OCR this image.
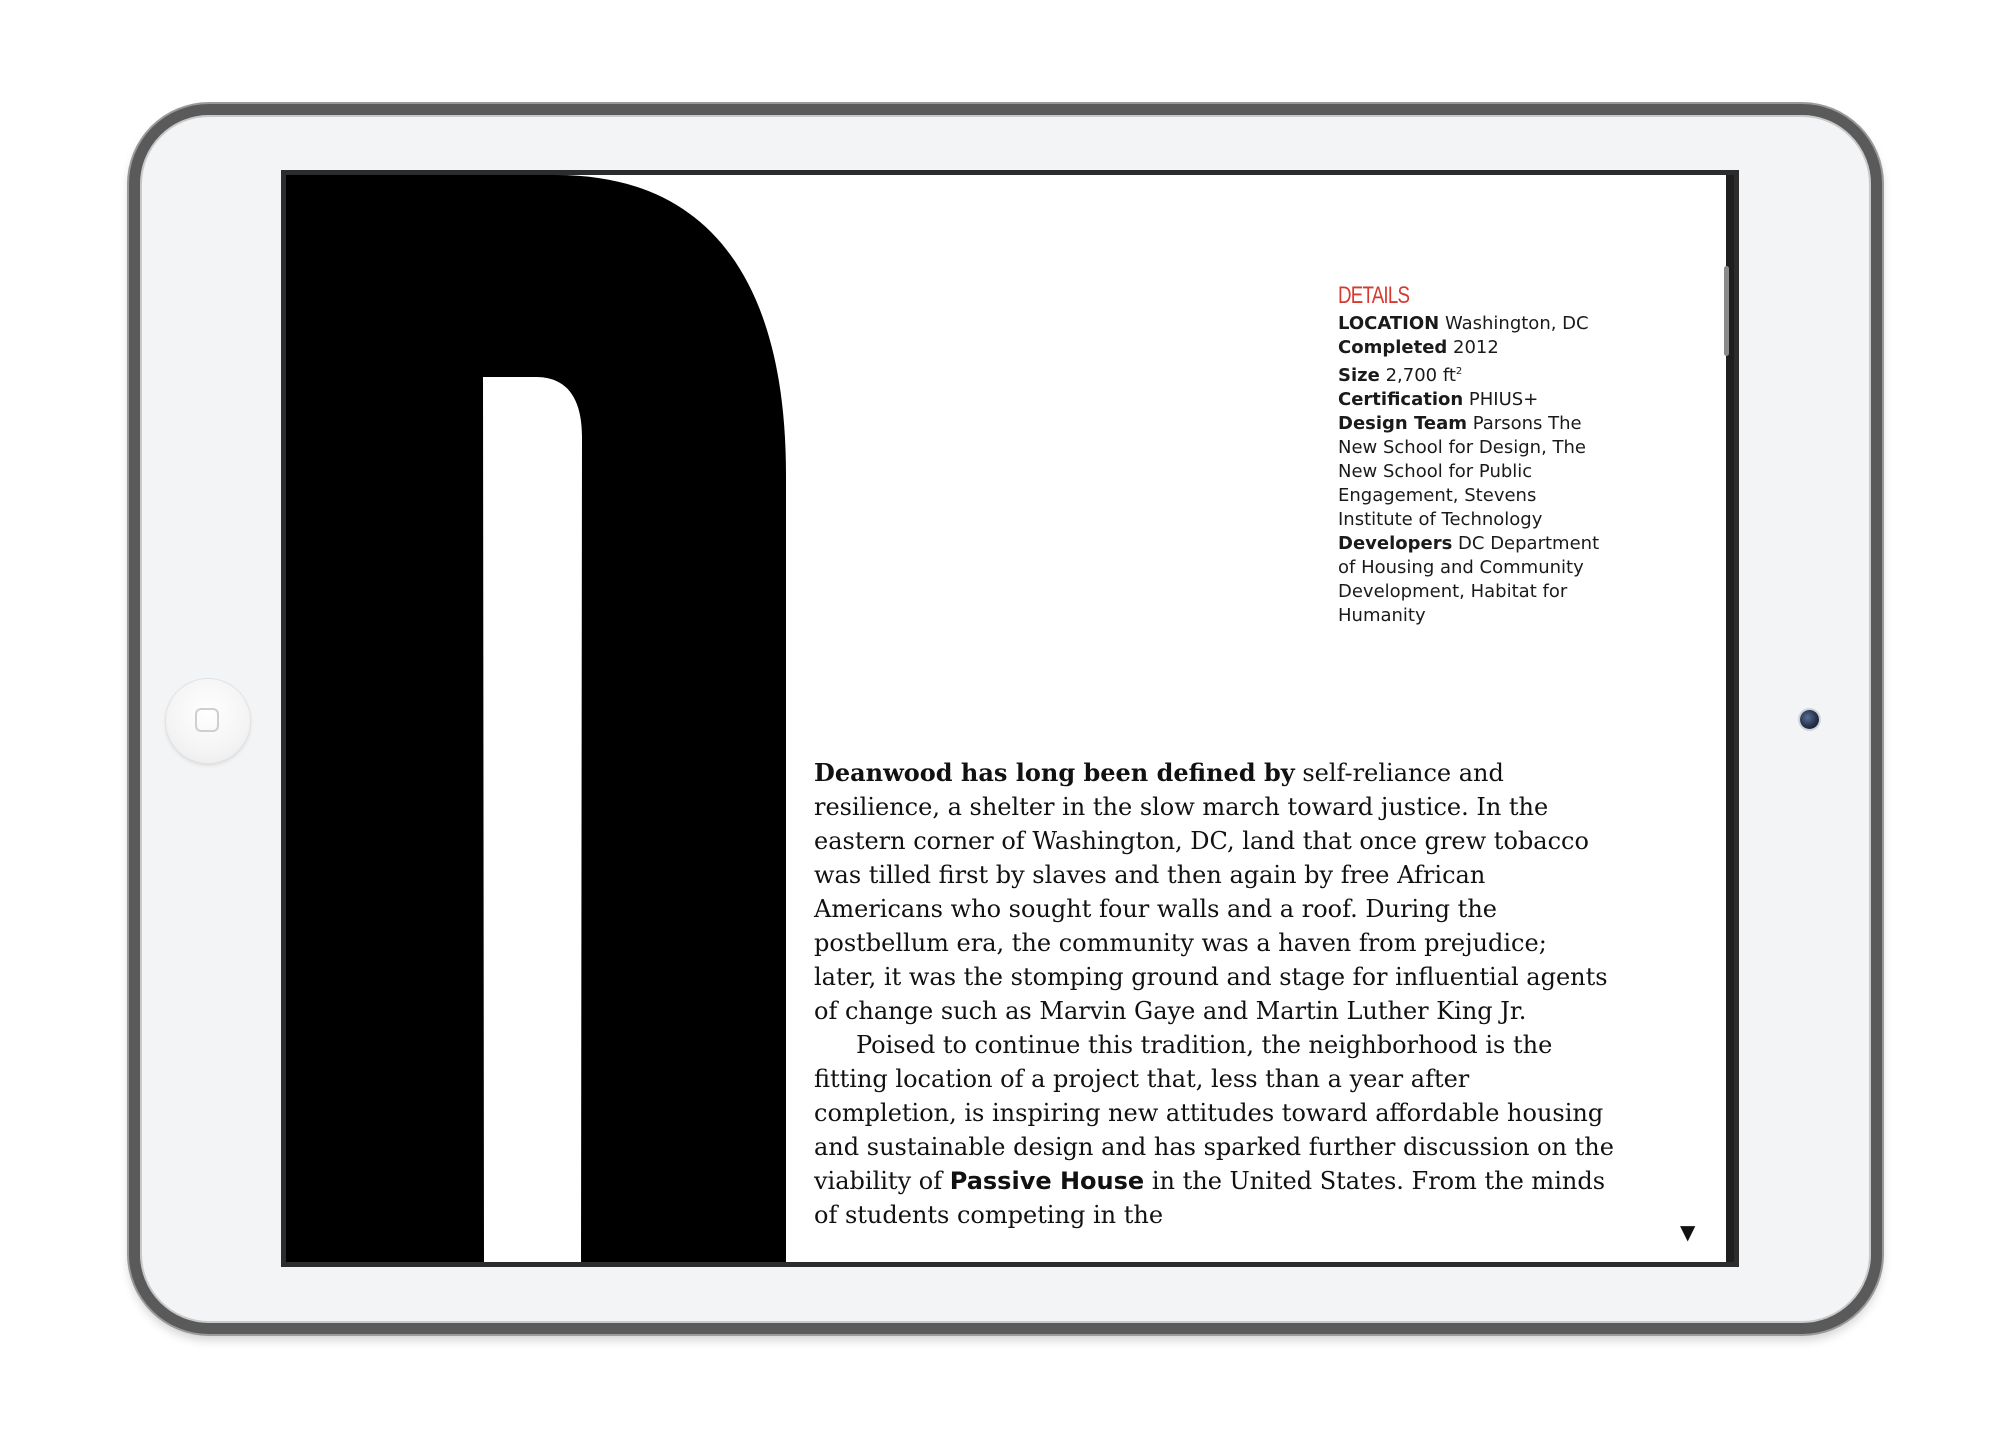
DETAILS
LOCATION Washington, DC
Completed 2012
Size 2,700 $ft^2$
Certification PHIUS+
Design Team Parsons The New School for Design, The New School for Public Engagement, Stevens Institute of Technology
Developers DC Department of Housing and Community Development, Habitat for Humanity

Deanwood has long been defined by self-reliance and resilience, a shelter in the slow march toward justice. In the eastern corner of Washington, DC, land that once grew tobacco was tilled first by slaves and then again by free African Americans who sought four walls and a roof. During the postbellum era, the community was a haven from prejudice; later, it was the stomping ground and stage for influential agents of change such as Marvin Gaye and Martin Luther King Jr.

Poised to continue this tradition, the neighborhood is the fitting location of a project that, less than a year after completion, is inspiring new attitudes toward affordable housing and sustainable design and has sparked further discussion on the viability of Passive House in the United States. From the minds of students competing in the

▼
